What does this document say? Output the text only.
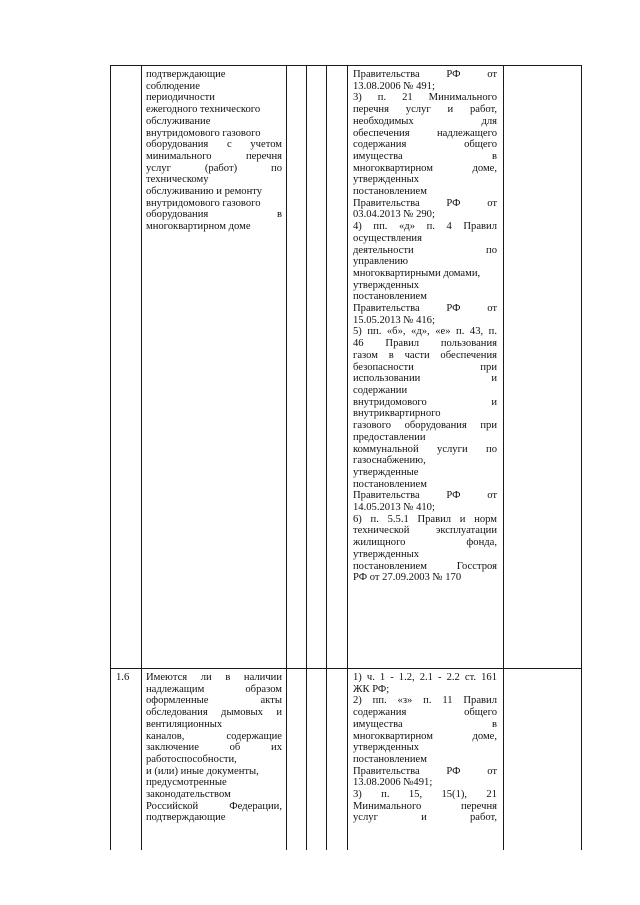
подтверждающие
соблюдение
периодичности
ежегодного технического
обслуживание
внутридомового газового
оборудования с учетом
минимального перечня
услуг (работ) по
техническому
обслуживанию и ремонту
внутридомового газового
оборудования в
многоквартирном доме
Правительства РФ от
13.08.2006 № 491;
3) п. 21 Минимального
перечня услуг и работ,
необходимых для
обеспечения надлежащего
содержания общего
имущества в
многоквартирном доме,
утвержденных
постановлением
Правительства РФ от
03.04.2013 № 290;
4) пп. «д» п. 4 Правил
осуществления
деятельности по
управлению
многоквартирными домами,
утвержденных
постановлением
Правительства РФ от
15.05.2013 № 416;
5) пп. «б», «д», «е» п. 43, п.
46 Правил пользования
газом в части обеспечения
безопасности при
использовании и
содержании
внутридомового и
внутриквартирного
газового оборудования при
предоставлении
коммунальной услуги по
газоснабжению,
утвержденные
постановлением
Правительства РФ от
14.05.2013 № 410;
6) п. 5.5.1 Правил и норм
технической эксплуатации
жилищного фонда,
утвержденных
постановлением Госстроя
РФ от 27.09.2003 № 170
1.6 Имеются ли в наличии
надлежащим образом
оформленные акты
обследования дымовых и
вентиляционных
каналов, содержащие
заключение об их
работоспособности,
и (или) иные документы,
предусмотренные
законодательством
Российской Федерации,
подтверждающие
1) ч. 1 - 1.2, 2.1 - 2.2 ст. 161
ЖК РФ;
2) пп. «з» п. 11 Правил
содержания общего
имущества в
многоквартирном доме,
утвержденных
постановлением
Правительства РФ от
13.08.2006 №491;
3) п. 15, 15(1), 21
Минимального перечня
услуг и работ,
